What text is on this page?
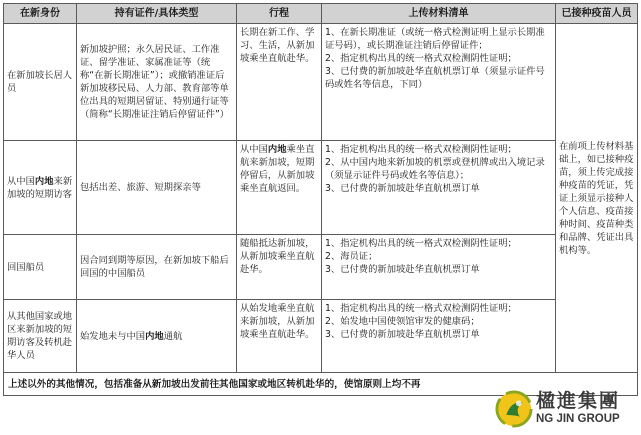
在新身份	持有证件/具体类型	行程	上传材料清单	已接种疫苗人员
在新加坡长居人员	新加坡护照；永久居民证、工作准证、留学准证、家属准证等（统称“在新长期准证”）；或撤销准证后新加坡移民局、人力部、教育部等单位出具的短期居留证、特别通行证等（简称“长期准证注销后停留证件”）	长期在新工作、学习、生活，从新加坡乘坐直航赴华。	1、在新长期准证（或统一格式检测证明上显示长期准证号码），或长期准证注销后停留证件；
2、指定机构出具的统一格式双检测阴性证明；
3、已付费的新加坡赴华直航机票订单（须显示证件号码或姓名等信息，下同）	在前项上传材料基础上，如已接种疫苗，须上传完成接种疫苗的凭证，凭证上须显示接种人个人信息、疫苗接种时间、疫苗种类和品牌、凭证出具机构等。
从中国内地来新加坡的短期访客	包括出差、旅游、短期探亲等	从中国内地乘坐直航来新加坡，短期停留后，从新加坡乘坐直航返回。	1、指定机构出具的统一格式双检测阴性证明；
2、从中国内地来新加坡的机票或登机牌或出入境记录（须显示证件号码或姓名等信息）；
3、已付费的新加坡赴华直航机票订单	

回国船员	因合同到期等原因，在新加坡下船后回国的中国船员	随船抵达新加坡，从新加坡乘坐直航赴华。	1、指定机构出具的统一格式双检测阴性证明；
2、海员证；
3、已付费的新加坡赴华直航机票订单	

从其他国家或地区来新加坡的短期访客及转机赴华人员	始发地未与中国内地通航	从始发地乘坐直航来新加坡，从新加坡乘坐直航赴华。	1、指定机构出具的统一格式双检测阴性证明；
2、始发地中国使领馆审发的健康码；
3、已付费的新加坡赴华直航机票订单	

上述以外的其他情况，包括准备从新加坡出发前往其他国家或地区转机赴华的，使馆原则上均不再				
楹進集團
NG JIN GROUP
